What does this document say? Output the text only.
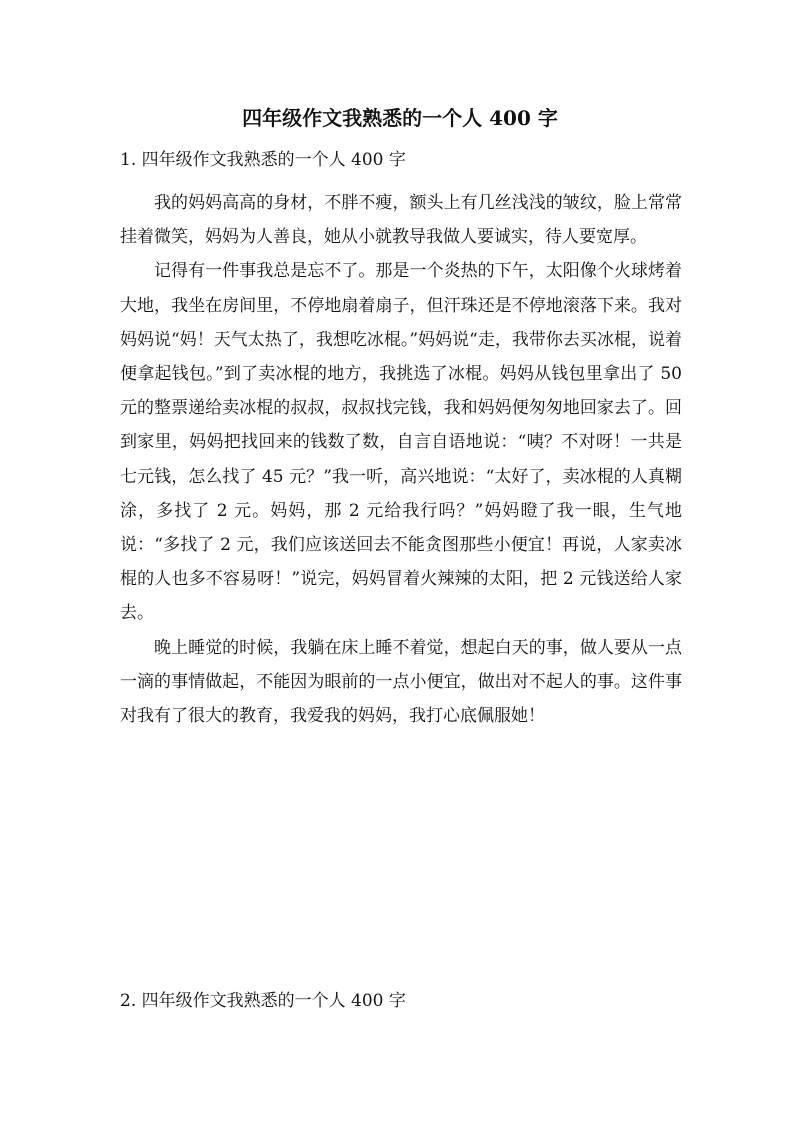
四年级作文我熟悉的一个人 400 字
1. 四年级作文我熟悉的一个人 400 字

我的妈妈高高的身材，不胖不瘦，额头上有几丝浅浅的皱纹，脸上常常挂着微笑，妈妈为人善良，她从小就教导我做人要诚实，待人要宽厚。

记得有一件事我总是忘不了。那是一个炎热的下午，太阳像个火球烤着大地，我坐在房间里，不停地扇着扇子，但汗珠还是不停地滚落下来。我对妈妈说“妈！天气太热了，我想吃冰棍。”妈妈说“走，我带你去买冰棍，说着便拿起钱包。”到了卖冰棍的地方，我挑选了冰棍。妈妈从钱包里拿出了 50 元的整票递给卖冰棍的叔叔，叔叔找完钱，我和妈妈便匆匆地回家去了。回到家里，妈妈把找回来的钱数了数，自言自语地说：“咦？不对呀！一共是七元钱，怎么找了 45 元？”我一听，高兴地说：“太好了，卖冰棍的人真糊涂，多找了 2 元。妈妈，那 2 元给我行吗？”妈妈瞪了我一眼，生气地说：“多找了 2 元，我们应该送回去不能贪图那些小便宜！再说，人家卖冰棍的人也多不容易呀！”说完，妈妈冒着火辣辣的太阳，把 2 元钱送给人家去。

晚上睡觉的时候，我躺在床上睡不着觉，想起白天的事，做人要从一点一滴的事情做起，不能因为眼前的一点小便宜，做出对不起人的事。这件事对我有了很大的教育，我爱我的妈妈，我打心底佩服她！

2. 四年级作文我熟悉的一个人 400 字
